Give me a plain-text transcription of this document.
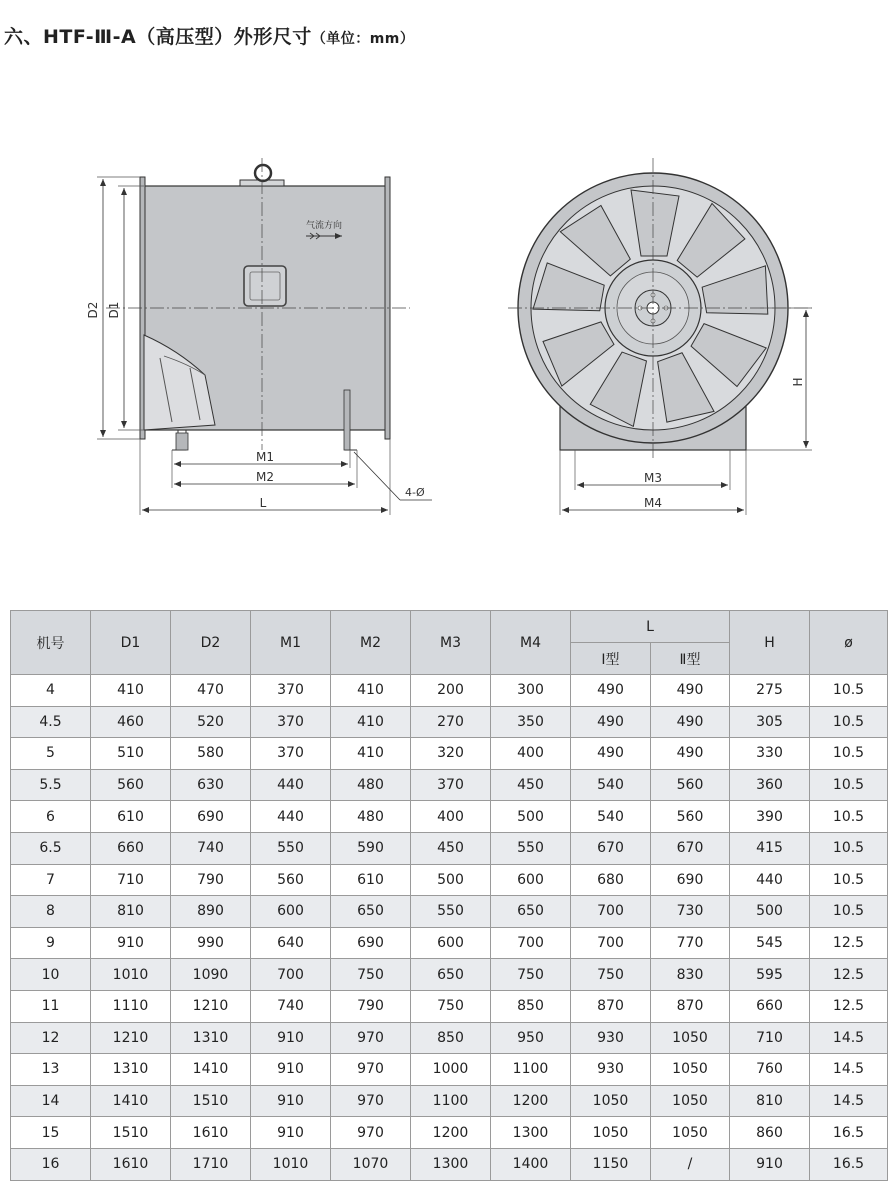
六、HTF-Ⅲ-A（高压型）外形尺寸（单位：mm）
气流方向
D2 D1
M1
M2
L
4-Ø
H
M3
M4
机号	D1	D2	M1	M2	M3	M4	L		H	ø
							Ⅰ型	Ⅱ型		
4	410	470	370	410	200	300	490	490	275	10.5
4.5	460	520	370	410	270	350	490	490	305	10.5
5	510	580	370	410	320	400	490	490	330	10.5
5.5	560	630	440	480	370	450	540	560	360	10.5
6	610	690	440	480	400	500	540	560	390	10.5
6.5	660	740	550	590	450	550	670	670	415	10.5
7	710	790	560	610	500	600	680	690	440	10.5
8	810	890	600	650	550	650	700	730	500	10.5
9	910	990	640	690	600	700	700	770	545	12.5
10	1010	1090	700	750	650	750	750	830	595	12.5
11	1110	1210	740	790	750	850	870	870	660	12.5
12	1210	1310	910	970	850	950	930	1050	710	14.5
13	1310	1410	910	970	1000	1100	930	1050	760	14.5
14	1410	1510	910	970	1100	1200	1050	1050	810	14.5
15	1510	1610	910	970	1200	1300	1050	1050	860	16.5
16	1610	1710	1010	1070	1300	1400	1150	/	910	16.5
